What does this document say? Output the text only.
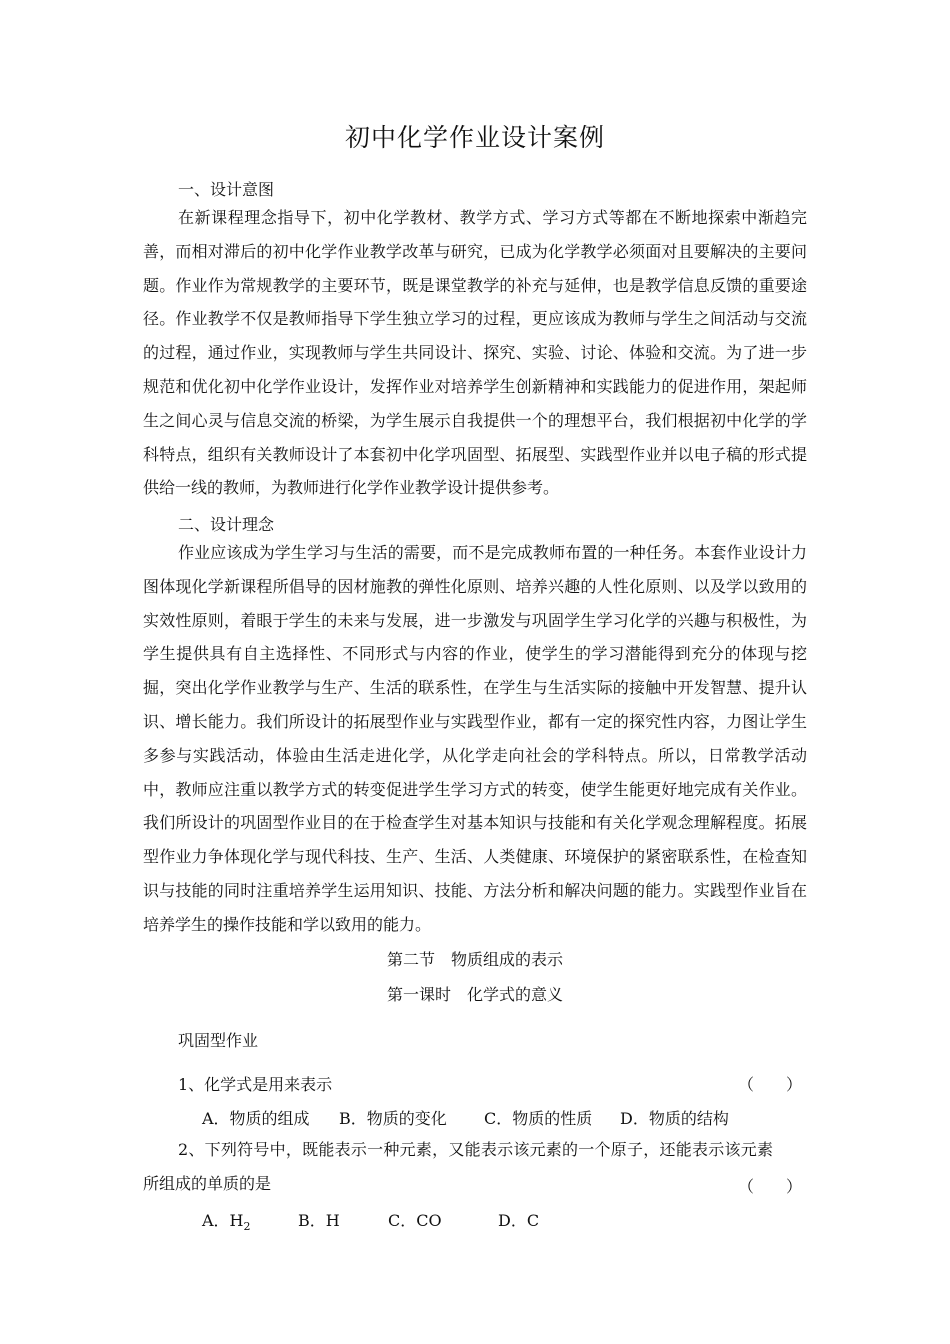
初中化学作业设计案例
一、设计意图

在新课程理念指导下，初中化学教材、教学方式、学习方式等都在不断地探索中渐趋完善，而相对滞后的初中化学作业教学改革与研究，已成为化学教学必须面对且要解决的主要问题。作业作为常规教学的主要环节，既是课堂教学的补充与延伸，也是教学信息反馈的重要途径。作业教学不仅是教师指导下学生独立学习的过程，更应该成为教师与学生之间活动与交流的过程，通过作业，实现教师与学生共同设计、探究、实验、讨论、体验和交流。为了进一步规范和优化初中化学作业设计，发挥作业对培养学生创新精神和实践能力的促进作用，架起师生之间心灵与信息交流的桥梁，为学生展示自我提供一个的理想平台，我们根据初中化学的学科特点，组织有关教师设计了本套初中化学巩固型、拓展型、实践型作业并以电子稿的形式提供给一线的教师，为教师进行化学作业教学设计提供参考。

二、设计理念

作业应该成为学生学习与生活的需要，而不是完成教师布置的一种任务。本套作业设计力图体现化学新课程所倡导的因材施教的弹性化原则、培养兴趣的人性化原则、以及学以致用的实效性原则，着眼于学生的未来与发展，进一步激发与巩固学生学习化学的兴趣与积极性，为学生提供具有自主选择性、不同形式与内容的作业，使学生的学习潜能得到充分的体现与挖掘，突出化学作业教学与生产、生活的联系性，在学生与生活实际的接触中开发智慧、提升认识、增长能力。我们所设计的拓展型作业与实践型作业，都有一定的探究性内容，力图让学生多参与实践活动，体验由生活走进化学，从化学走向社会的学科特点。所以，日常教学活动中，教师应注重以教学方式的转变促进学生学习方式的转变，使学生能更好地完成有关作业。我们所设计的巩固型作业目的在于检查学生对基本知识与技能和有关化学观念理解程度。拓展型作业力争体现化学与现代科技、生产、生活、人类健康、环境保护的紧密联系性，在检查知识与技能的同时注重培养学生运用知识、技能、方法分析和解决问题的能力。实践型作业旨在培养学生的操作技能和学以致用的能力。

第二节　物质组成的表示
第一课时　化学式的意义
巩固型作业
1、化学式是用来表示	（　　）
A．物质的组成 B．物质的变化 C．物质的性质 D．物质的结构

2、下列符号中，既能表示一种元素，又能表示该元素的一个原子，还能表示该元素所组成的单质的是	（　　）
A．$H_2$	B．H	C．CO	D．C
